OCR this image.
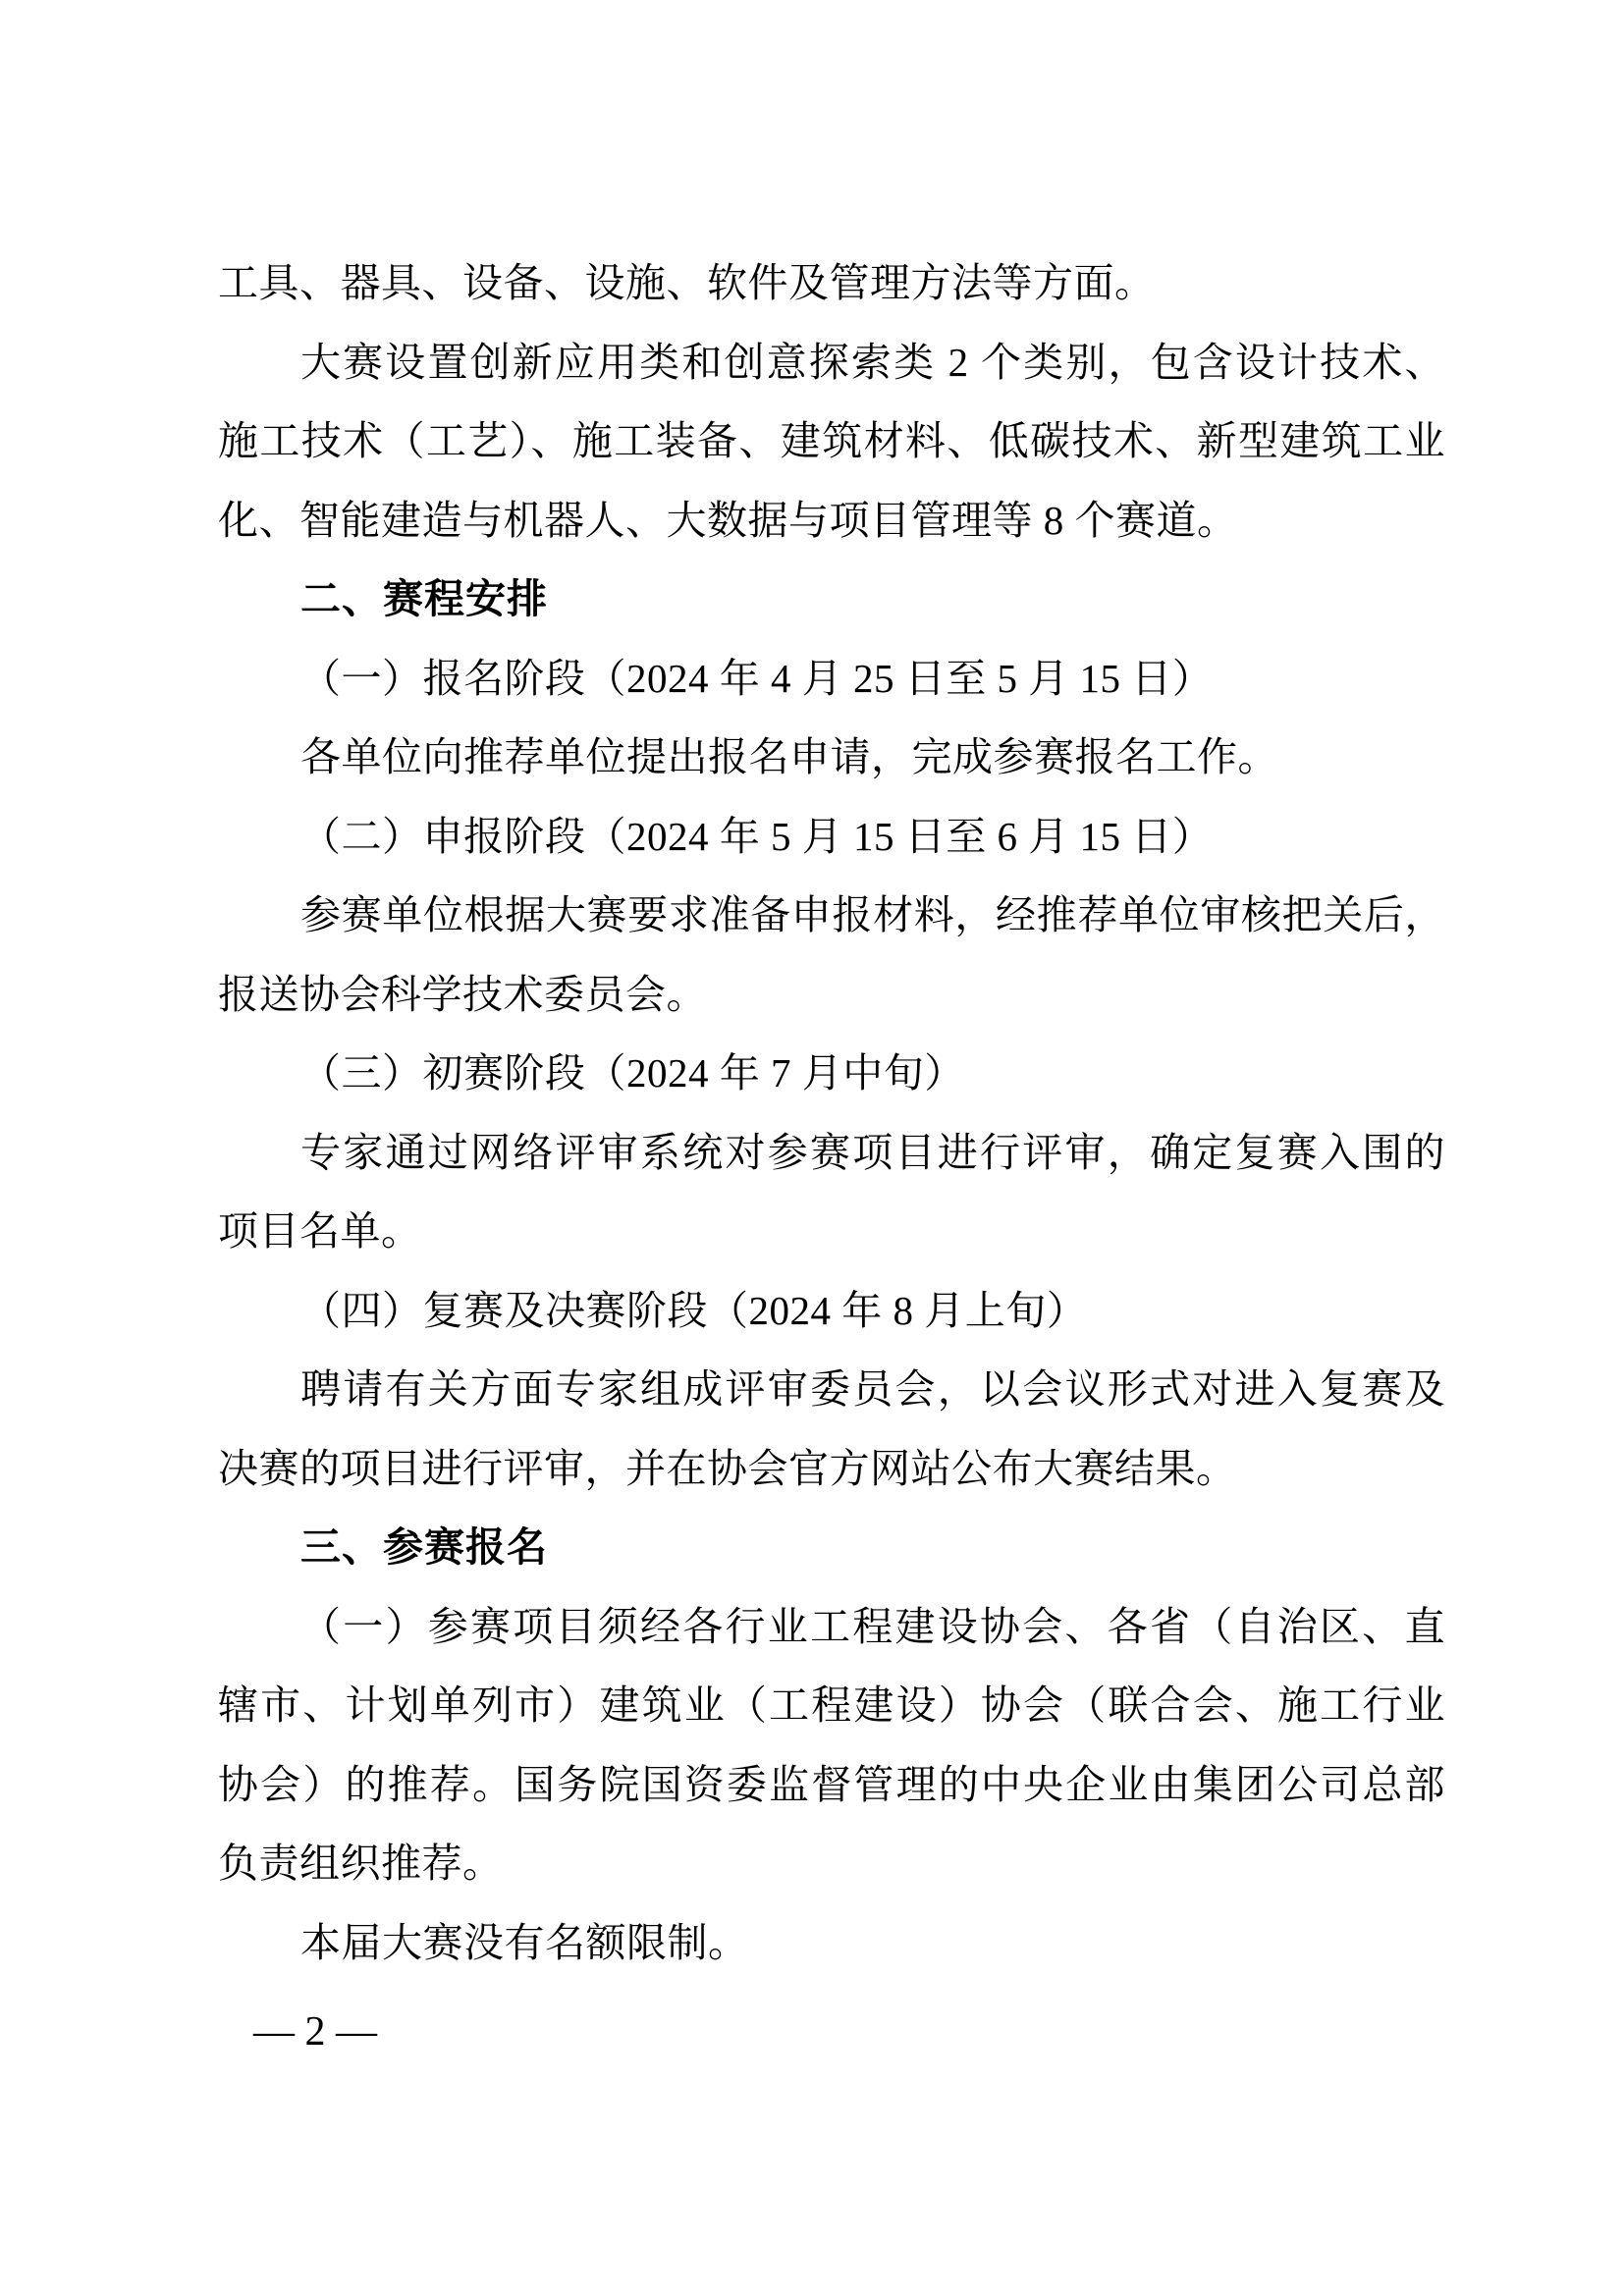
工具、器具、设备、设施、软件及管理方法等方面。
大赛设置创新应用类和创意探索类 2 个类别，包含设计技术、
施工技术（工艺）、施工装备、建筑材料、低碳技术、新型建筑工业
化、智能建造与机器人、大数据与项目管理等 8 个赛道。
二、赛程安排
（一）报名阶段（2024 年 4 月 25 日至 5 月 15 日）
各单位向推荐单位提出报名申请，完成参赛报名工作。
（二）申报阶段（2024 年 5 月 15 日至 6 月 15 日）
参赛单位根据大赛要求准备申报材料，经推荐单位审核把关后，
报送协会科学技术委员会。
（三）初赛阶段（2024 年 7 月中旬）
专家通过网络评审系统对参赛项目进行评审，确定复赛入围的
项目名单。
（四）复赛及决赛阶段（2024 年 8 月上旬）
聘请有关方面专家组成评审委员会，以会议形式对进入复赛及
决赛的项目进行评审，并在协会官方网站公布大赛结果。
三、参赛报名
（一）参赛项目须经各行业工程建设协会、各省（自治区、直
辖市、计划单列市）建筑业（工程建设）协会（联合会、施工行业
协会）的推荐。国务院国资委监督管理的中央企业由集团公司总部
负责组织推荐。
本届大赛没有名额限制。
— 2 —
